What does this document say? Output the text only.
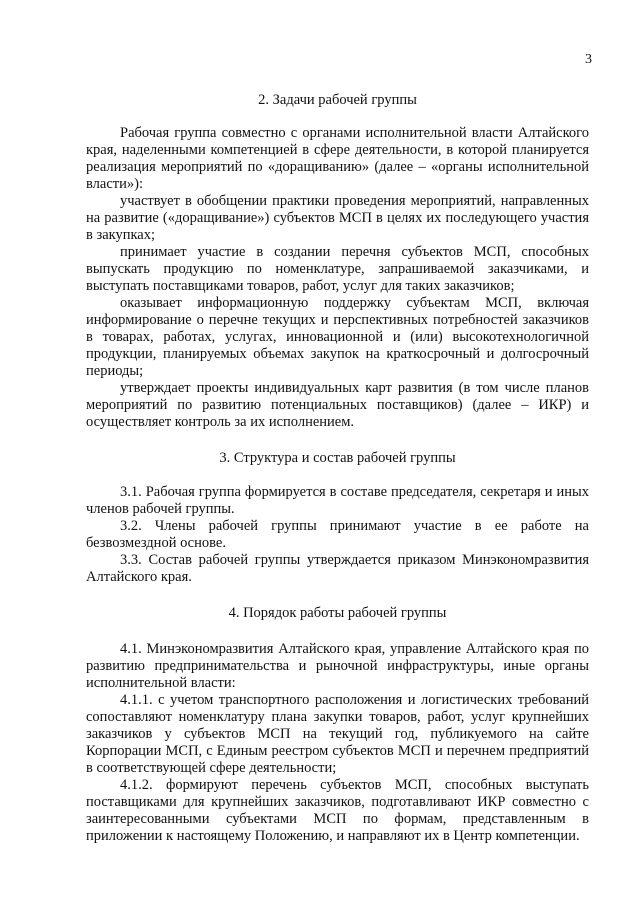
3

2. Задачи рабочей группы

Рабочая группа совместно с органами исполнительной власти Алтайского края, наделенными компетенцией в сфере деятельности, в которой планируется реализация мероприятий по «доращиванию» (далее – «органы исполнительной власти»):

участвует в обобщении практики проведения мероприятий, направленных на развитие («доращивание») субъектов МСП в целях их последующего участия в закупках;

принимает участие в создании перечня субъектов МСП, способных выпускать продукцию по номенклатуре, запрашиваемой заказчиками, и выступать поставщиками товаров, работ, услуг для таких заказчиков;

оказывает информационную поддержку субъектам МСП, включая информирование о перечне текущих и перспективных потребностей заказчиков в товарах, работах, услугах, инновационной и (или) высокотехнологичной продукции, планируемых объемах закупок на краткосрочный и долгосрочный периоды;

утверждает проекты индивидуальных карт развития (в том числе планов мероприятий по развитию потенциальных поставщиков) (далее – ИКР) и осуществляет контроль за их исполнением.

3. Структура и состав рабочей группы

3.1. Рабочая группа формируется в составе председателя, секретаря и иных членов рабочей группы.

3.2. Члены рабочей группы принимают участие в ее работе на безвозмездной основе.

3.3. Состав рабочей группы утверждается приказом Минэкономразвития Алтайского края.

4. Порядок работы рабочей группы

4.1. Минэкономразвития Алтайского края, управление Алтайского края по развитию предпринимательства и рыночной инфраструктуры, иные органы исполнительной власти:

4.1.1. с учетом транспортного расположения и логистических требований сопоставляют номенклатуру плана закупки товаров, работ, услуг крупнейших заказчиков у субъектов МСП на текущий год, публикуемого на сайте Корпорации МСП, с Единым реестром субъектов МСП и перечнем предприятий в соответствующей сфере деятельности;

4.1.2. формируют перечень субъектов МСП, способных выступать поставщиками для крупнейших заказчиков, подготавливают ИКР совместно с заинтересованными субъектами МСП по формам, представленным в приложении к настоящему Положению, и направляют их в Центр компетенции.
